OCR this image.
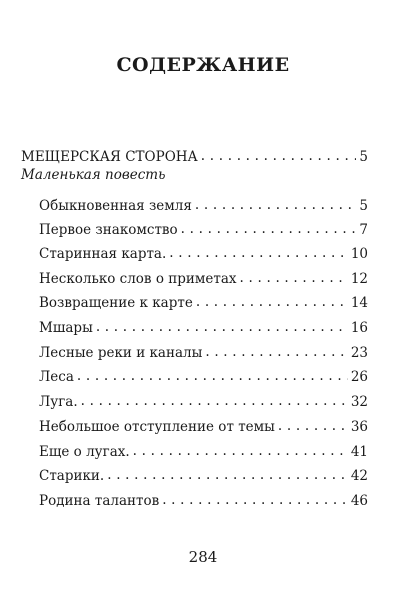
СОДЕРЖАНИЕ
МЕЩЕРСКАЯ СТОРОНА . . .	5
Маленькая повесть
Обыкновенная земля . . .	5
Первое знакомство . . .	7
Старинная карта. . . .	10
Несколько слов о приметах . . .	12
Возвращение к карте . . .	14
Мшары . . .	16
Лесные реки и каналы . . .	23
Леса . . .	26
Луга. . . .	32
Небольшое отступление от темы . . .	36
Еще о лугах. . . .	41
Старики. . . .	42
Родина талантов . . .	46
284
